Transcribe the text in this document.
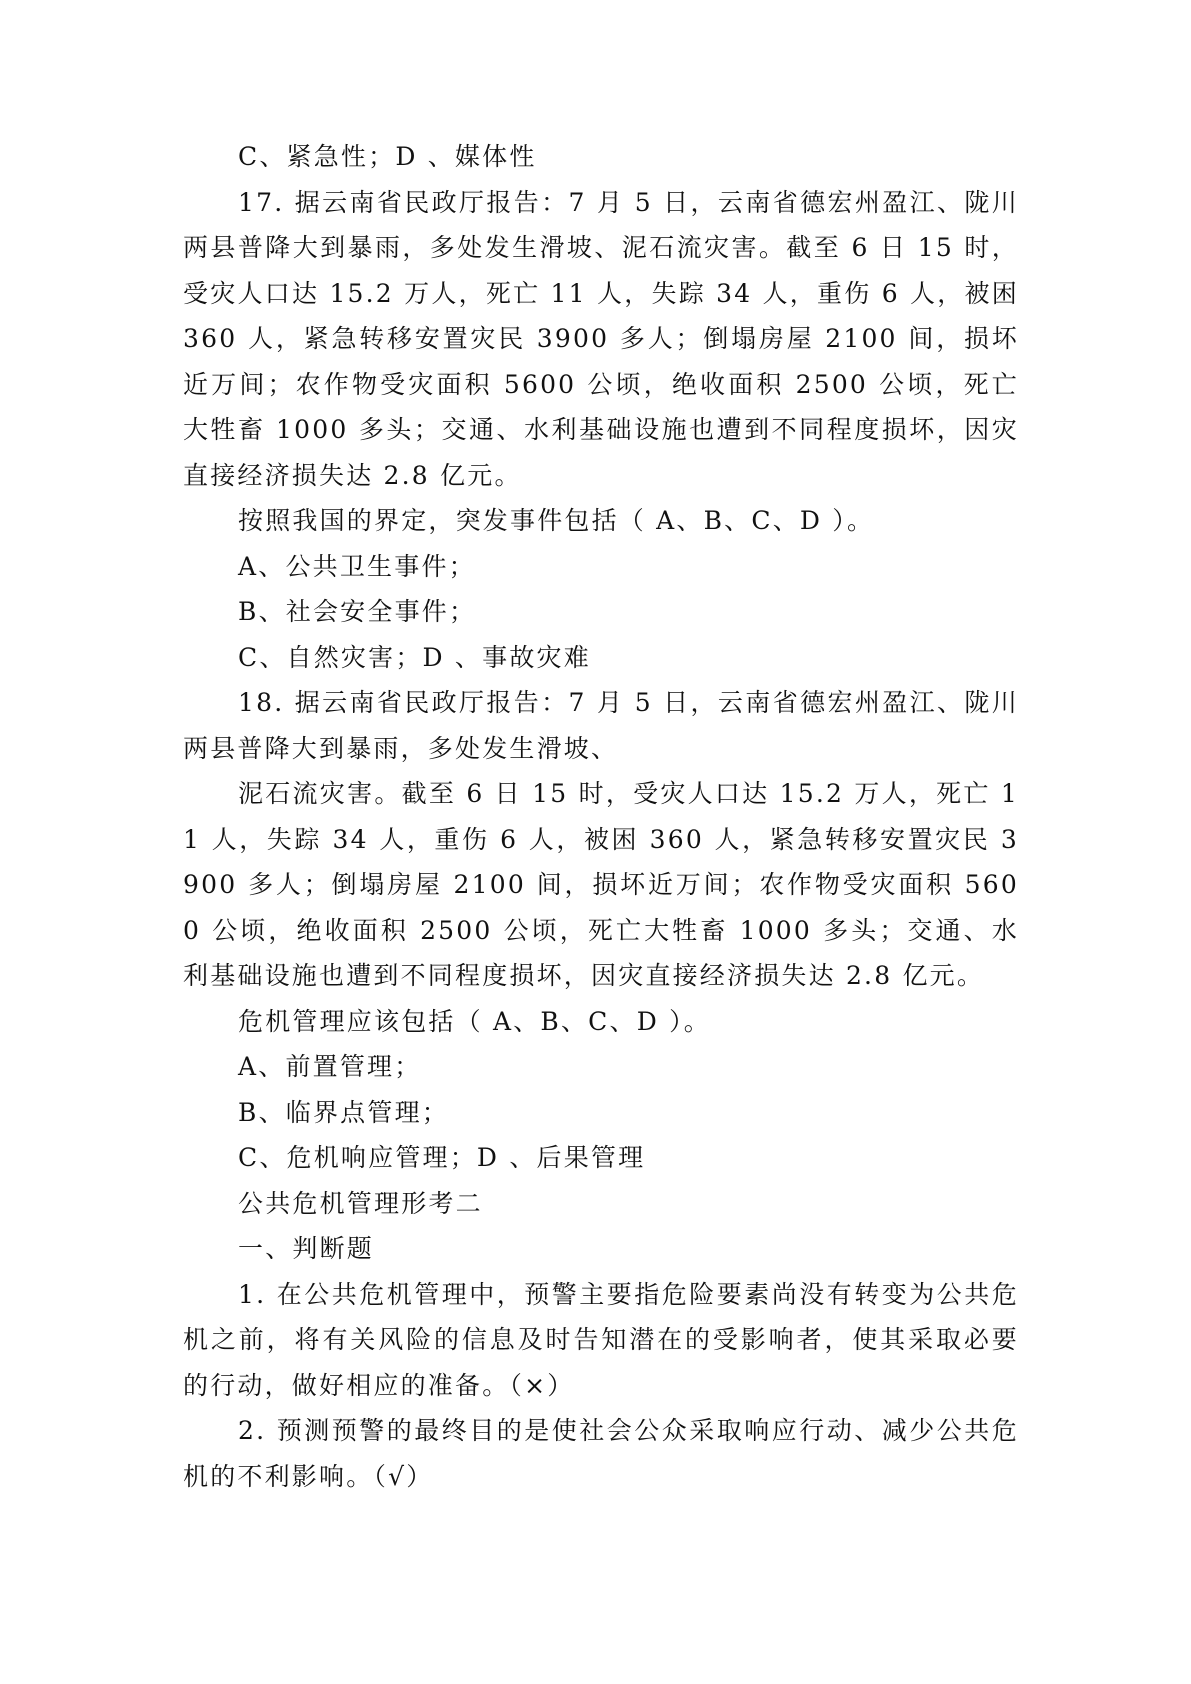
C、紧急性；D 、媒体性

17. 据云南省民政厅报告：7 月 5 日，云南省德宏州盈江、陇川两县普降大到暴雨，多处发生滑坡、泥石流灾害。截至 6 日 15 时，受灾人口达 15.2 万人，死亡 11 人，失踪 34 人，重伤 6 人，被困 360 人，紧急转移安置灾民 3900 多人；倒塌房屋 2100 间，损坏近万间；农作物受灾面积 5600 公顷，绝收面积 2500 公顷，死亡大牲畜 1000 多头；交通、水利基础设施也遭到不同程度损坏，因灾直接经济损失达 2.8 亿元。

按照我国的界定，突发事件包括（ A、B、C、D ）。

A、公共卫生事件；

B、社会安全事件；

C、自然灾害；D 、事故灾难

18. 据云南省民政厅报告：7 月 5 日，云南省德宏州盈江、陇川两县普降大到暴雨，多处发生滑坡、

泥石流灾害。截至 6 日 15 时，受灾人口达 15.2 万人，死亡 11 人，失踪 34 人，重伤 6 人，被困 360 人，紧急转移安置灾民 3900 多人；倒塌房屋 2100 间，损坏近万间；农作物受灾面积 5600 公顷，绝收面积 2500 公顷，死亡大牲畜 1000 多头；交通、水利基础设施也遭到不同程度损坏，因灾直接经济损失达 2.8 亿元。

危机管理应该包括（ A、B、C、D ）。

A、前置管理；

B、临界点管理；

C、危机响应管理；D 、后果管理

公共危机管理形考二

一、判断题

1. 在公共危机管理中，预警主要指危险要素尚没有转变为公共危机之前，将有关风险的信息及时告知潜在的受影响者，使其采取必要的行动，做好相应的准备。（×）

2. 预测预警的最终目的是使社会公众采取响应行动、减少公共危机的不利影响。（√）
